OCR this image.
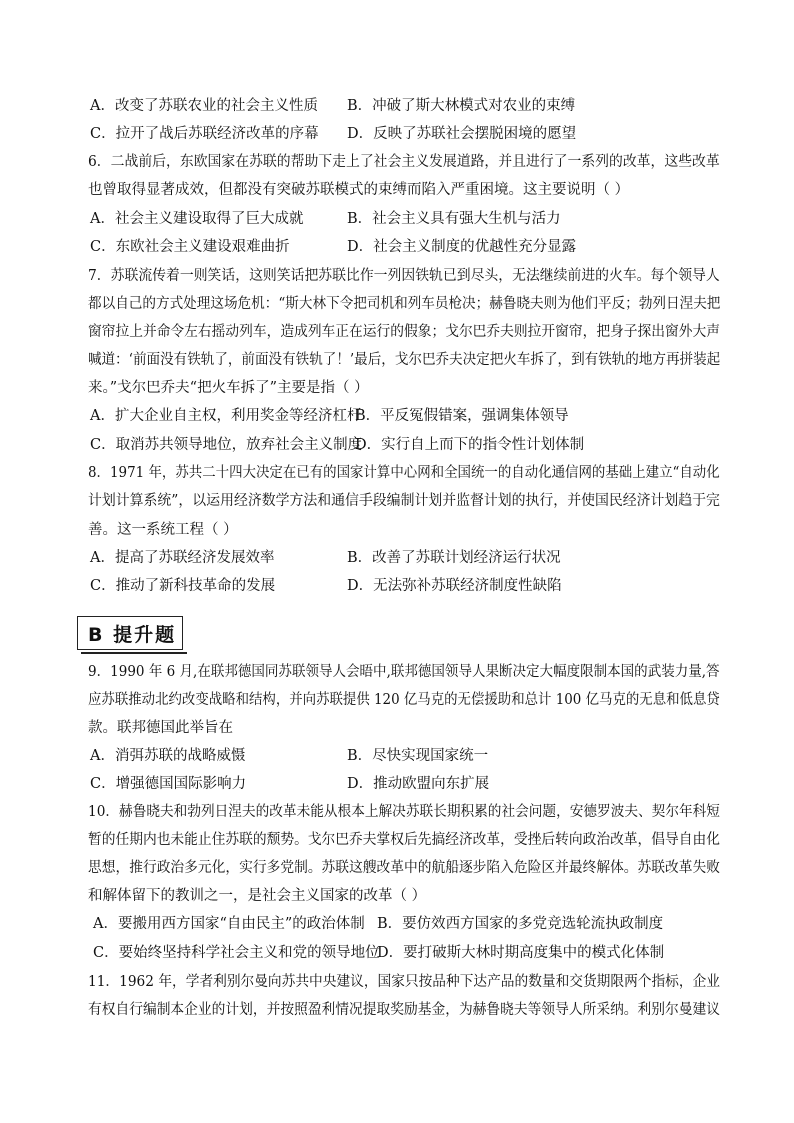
A．改变了苏联农业的社会主义性质 B．冲破了斯大林模式对农业的束缚
C．拉开了战后苏联经济改革的序幕 D．反映了苏联社会摆脱困境的愿望
6．二战前后，东欧国家在苏联的帮助下走上了社会主义发展道路，并且进行了一系列的改革，这些改革
也曾取得显著成效，但都没有突破苏联模式的束缚而陷入严重困境。这主要说明（ ）
A．社会主义建设取得了巨大成就	B．社会主义具有强大生机与活力
C．东欧社会主义建设艰难曲折	D．社会主义制度的优越性充分显露
7．苏联流传着一则笑话，这则笑话把苏联比作一列因铁轨已到尽头，无法继续前进的火车。每个领导人
都以自己的方式处理这场危机：“斯大林下令把司机和列车员枪决；赫鲁晓夫则为他们平反；勃列日涅夫把
窗帘拉上并命令左右摇动列车，造成列车正在运行的假象；戈尔巴乔夫则拉开窗帘，把身子探出窗外大声
喊道：‘前面没有铁轨了，前面没有铁轨了！’最后，戈尔巴乔夫决定把火车拆了，到有铁轨的地方再拼装起
来。”戈尔巴乔夫“把火车拆了”主要是指（ ）
A．扩大企业自主权，利用奖金等经济杠杆
B．平反冤假错案，强调集体领导
C．取消苏共领导地位，放弃社会主义制度
D．实行自上而下的指令性计划体制
8．1971 年，苏共二十四大决定在已有的国家计算中心网和全国统一的自动化通信网的基础上建立“自动化
计划计算系统”，以运用经济数学方法和通信手段编制计划并监督计划的执行，并使国民经济计划趋于完
善。这一系统工程（ ）
A．提高了苏联经济发展效率	B．改善了苏联计划经济运行状况
C．推动了新科技革命的发展	D．无法弥补苏联经济制度性缺陷
B 提升题
9．1990 年 6 月,在联邦德国同苏联领导人会晤中,联邦德国领导人果断决定大幅度限制本国的武装力量,答
应苏联推动北约改变战略和结构，并向苏联提供 120 亿马克的无偿援助和总计 100 亿马克的无息和低息贷
款。联邦德国此举旨在
A．消弭苏联的战略威慑	B．尽快实现国家统一
C．增强德国国际影响力	D．推动欧盟向东扩展
10．赫鲁晓夫和勃列日涅夫的改革未能从根本上解决苏联长期积累的社会问题，安德罗波夫、契尔年科短
暂的任期内也未能止住苏联的颓势。戈尔巴乔夫掌权后先搞经济改革，受挫后转向政治改革，倡导自由化
思想，推行政治多元化，实行多党制。苏联这艘改革中的航船逐步陷入危险区并最终解体。苏联改革失败
和解体留下的教训之一，是社会主义国家的改革（ ）
A．要搬用西方国家“自由民主”的政治体制 B．要仿效西方国家的多党竞选轮流执政制度
C．要始终坚持科学社会主义和党的领导地位
D．要打破斯大林时期高度集中的模式化体制
11．1962 年，学者利别尔曼向苏共中央建议，国家只按品种下达产品的数量和交货期限两个指标，企业
有权自行编制本企业的计划，并按照盈利情况提取奖励基金，为赫鲁晓夫等领导人所采纳。利别尔曼建议
